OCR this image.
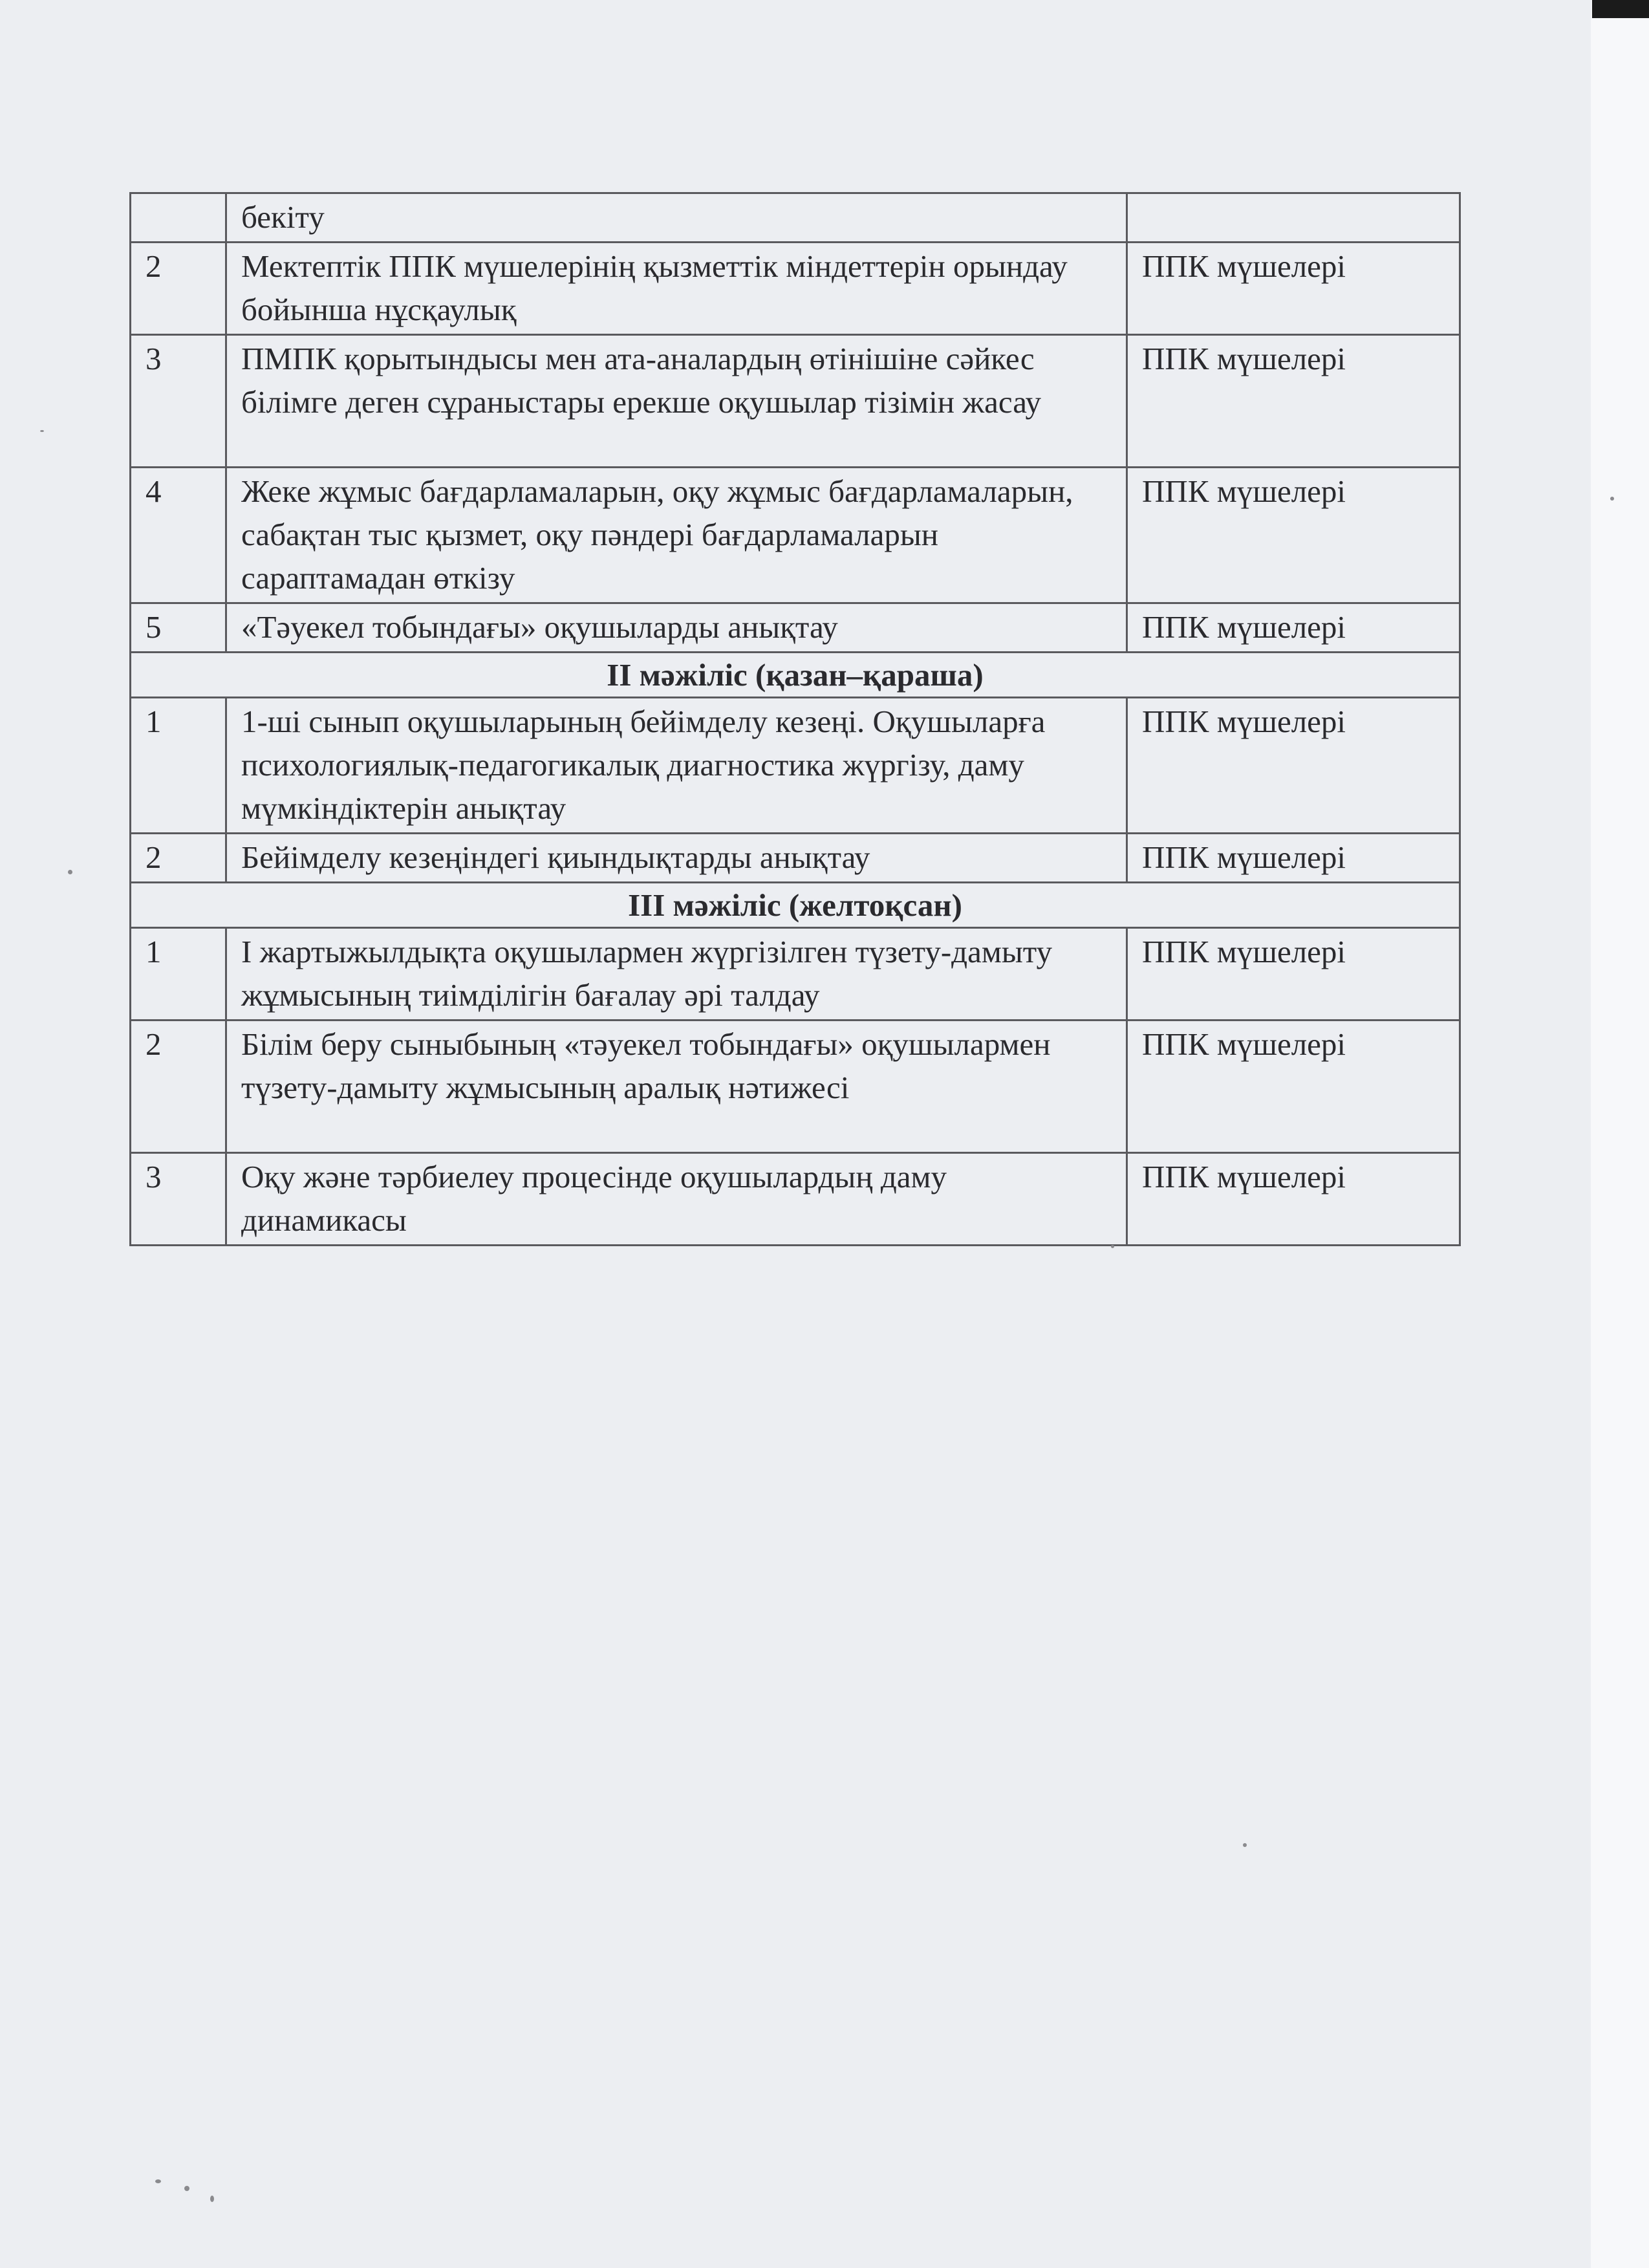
	бекіту	
2	Мектептік ППК мүшелерінің қызметтік міндеттерін орындау бойынша нұсқаулық	ППК мүшелері
3	ПМПК қорытындысы мен ата-аналардың өтінішіне сәйкес білімге деген сұраныстары ерекше оқушылар тізімін жасау	ППК мүшелері
4	Жеке жұмыс бағдарламаларын, оқу жұмыс бағдарламаларын, сабақтан тыс қызмет, оқу пәндері бағдарламаларын сараптамадан өткізу	ППК мүшелері
5	«Тәуекел тобындағы» оқушыларды анықтау	ППК мүшелері
ІІ мәжіліс (қазан–қараша)		
1	1-ші сынып оқушыларының бейімделу кезеңі. Оқушыларға психологиялық-педагогикалық диагностика жүргізу, даму мүмкіндіктерін анықтау	ППК мүшелері
2	Бейімделу кезеңіндегі қиындықтарды анықтау	ППК мүшелері
ІІІ мәжіліс (желтоқсан)		
1	І жартыжылдықта оқушылармен жүргізілген түзету-дамыту жұмысының тиімділігін бағалау әрі талдау	ППК мүшелері
2	Білім беру сыныбының «тәуекел тобындағы» оқушылармен түзету-дамыту жұмысының аралық нәтижесі	ППК мүшелері
3	Оқу және тәрбиелеу процесінде оқушылардың даму динамикасы	ППК мүшелері
